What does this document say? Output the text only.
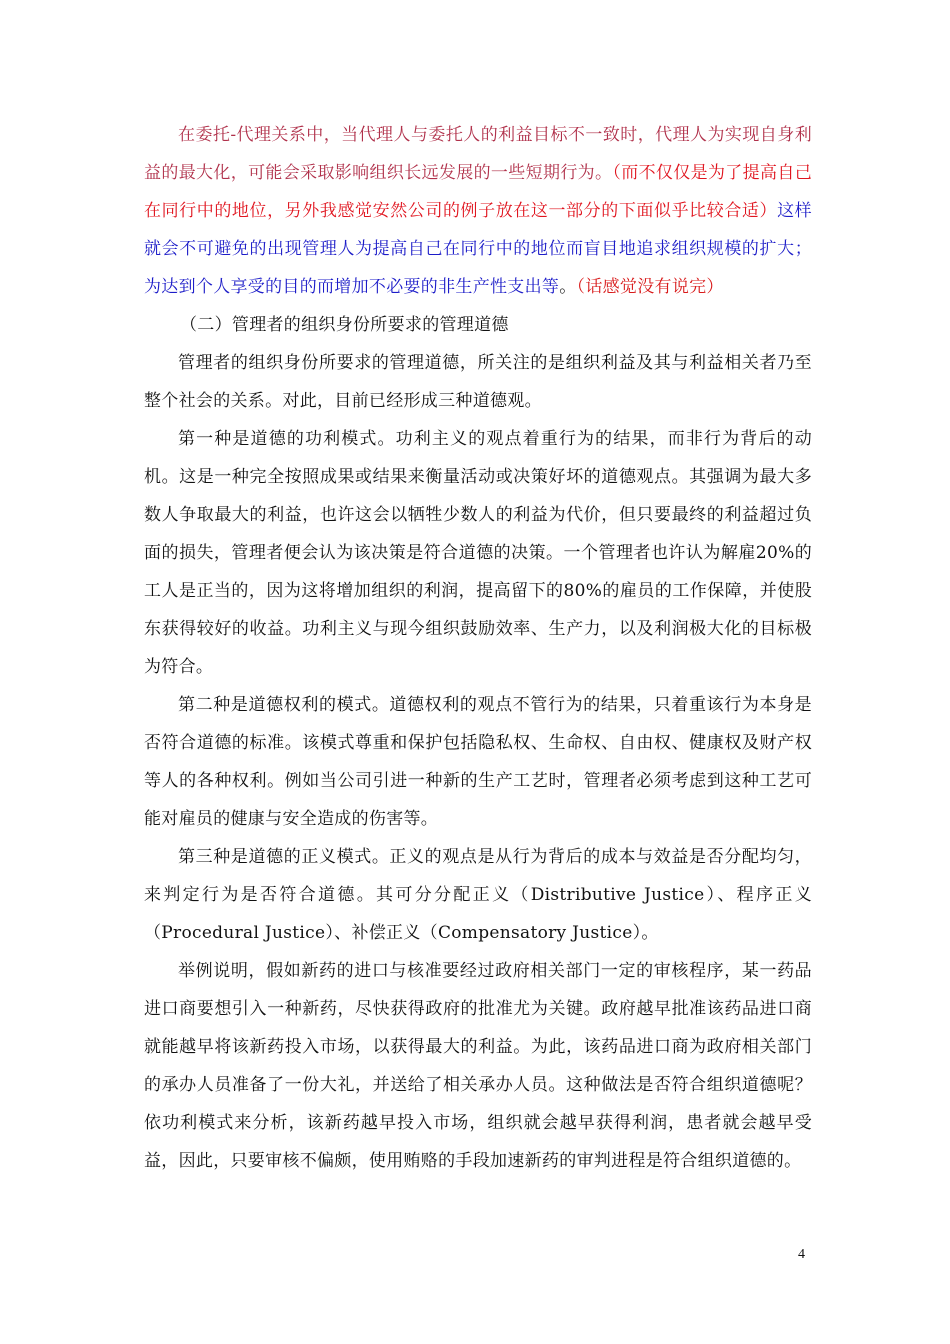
在委托-代理关系中，当代理人与委托人的利益目标不一致时，代理人为实现自身利益的最大化，可能会采取影响组织长远发展的一些短期行为。（而不仅仅是为了提高自己在同行中的地位，另外我感觉安然公司的例子放在这一部分的下面似乎比较合适）这样就会不可避免的出现管理人为提高自己在同行中的地位而盲目地追求组织规模的扩大；为达到个人享受的目的而增加不必要的非生产性支出等。（话感觉没有说完）

（二）管理者的组织身份所要求的管理道德

管理者的组织身份所要求的管理道德，所关注的是组织利益及其与利益相关者乃至整个社会的关系。对此，目前已经形成三种道德观。

第一种是道德的功利模式。功利主义的观点着重行为的结果，而非行为背后的动机。这是一种完全按照成果或结果来衡量活动或决策好坏的道德观点。其强调为最大多数人争取最大的利益，也许这会以牺牲少数人的利益为代价，但只要最终的利益超过负面的损失，管理者便会认为该决策是符合道德的决策。一个管理者也许认为解雇20%的工人是正当的，因为这将增加组织的利润，提高留下的80%的雇员的工作保障，并使股东获得较好的收益。功利主义与现今组织鼓励效率、生产力，以及利润极大化的目标极为符合。

第二种是道德权利的模式。道德权利的观点不管行为的结果，只着重该行为本身是否符合道德的标准。该模式尊重和保护包括隐私权、生命权、自由权、健康权及财产权等人的各种权利。例如当公司引进一种新的生产工艺时，管理者必须考虑到这种工艺可能对雇员的健康与安全造成的伤害等。

第三种是道德的正义模式。正义的观点是从行为背后的成本与效益是否分配均匀，来判定行为是否符合道德。其可分分配正义（Distributive Justice）、程序正义（Procedural Justice）、补偿正义（Compensatory Justice）。

举例说明，假如新药的进口与核准要经过政府相关部门一定的审核程序，某一药品进口商要想引入一种新药，尽快获得政府的批准尤为关键。政府越早批准该药品进口商就能越早将该新药投入市场，以获得最大的利益。为此，该药品进口商为政府相关部门的承办人员准备了一份大礼，并送给了相关承办人员。这种做法是否符合组织道德呢？依功利模式来分析，该新药越早投入市场，组织就会越早获得利润，患者就会越早受益，因此，只要审核不偏颇，使用贿赂的手段加速新药的审判进程是符合组织道德的。

4
